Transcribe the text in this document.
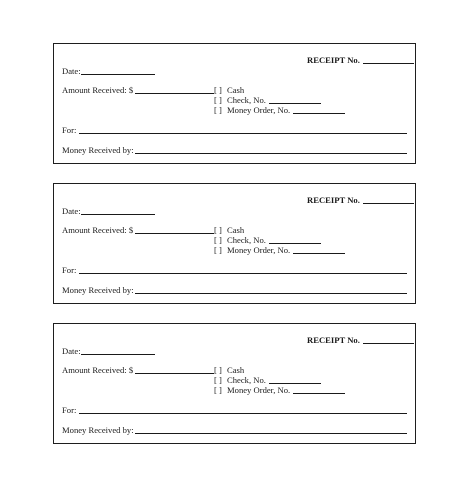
RECEIPT No.
Date:
Amount Received: $	[ ] Cash
[ ] Check, No.
[ ] Money Order, No.
For:
Money Received by:
RECEIPT No.
Date:
Amount Received: $	[ ] Cash
[ ] Check, No.
[ ] Money Order, No.
For:
Money Received by:
RECEIPT No.
Date:
Amount Received: $	[ ] Cash
[ ] Check, No.
[ ] Money Order, No.
For:
Money Received by:
